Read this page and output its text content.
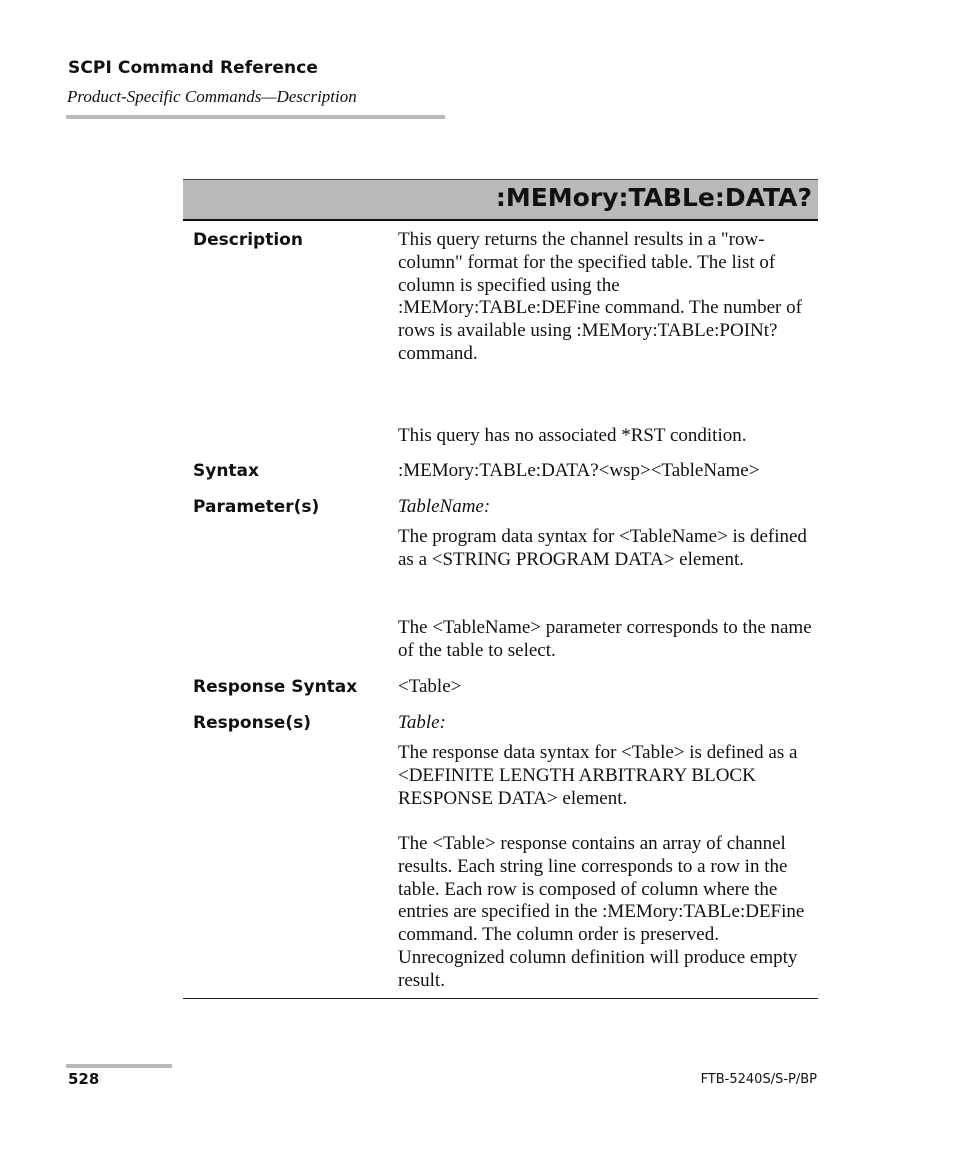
SCPI Command Reference
Product-Specific Commands—Description
:MEMory:TABLe:DATA?
Description	This query returns the channel results in a "row-column" format for the specified table. The list of column is specified using the :MEMory:TABLe:DEFine command. The number of rows is available using :MEMory:TABLe:POINt? command.

This query has no associated *RST condition.

Syntax	:MEMory:TABLe:DATA?<wsp><TableName>

Parameter(s)	TableName:

The program data syntax for <TableName> is defined as a <STRING PROGRAM DATA> element.

The <TableName> parameter corresponds to the name of the table to select.

Response Syntax <Table>

Response(s)	Table:

The response data syntax for <Table> is defined as a <DEFINITE LENGTH ARBITRARY BLOCK RESPONSE DATA> element.

The <Table> response contains an array of channel results. Each string line corresponds to a row in the table. Each row is composed of column where the entries are specified in the :MEMory:TABLe:DEFine command. The column order is preserved. Unrecognized column definition will produce empty result.

528	FTB-5240S/S-P/BP
